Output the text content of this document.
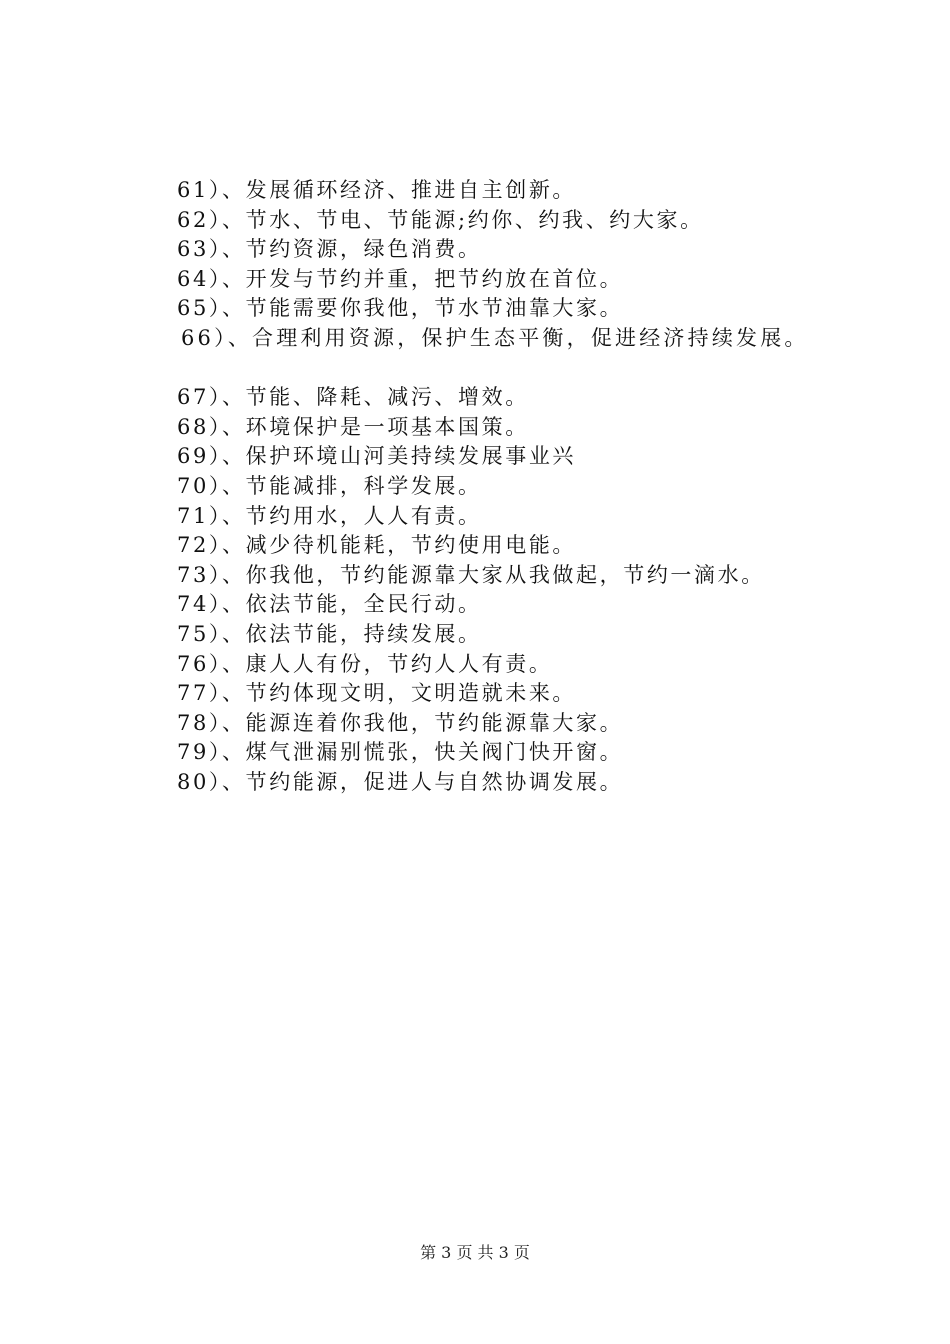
61）、发展循环经济、推进自主创新。
62）、节水、节电、节能源;约你、约我、约大家。
63）、节约资源，绿色消费。
64）、开发与节约并重，把节约放在首位。
65）、节能需要你我他，节水节油靠大家。
66）、合理利用资源，保护生态平衡，促进经济持续发展。
67）、节能、降耗、减污、增效。
68）、环境保护是一项基本国策。
69）、保护环境山河美持续发展事业兴
70）、节能减排，科学发展。
71）、节约用水，人人有责。
72）、减少待机能耗，节约使用电能。
73）、你我他，节约能源靠大家从我做起，节约一滴水。
74）、依法节能，全民行动。
75）、依法节能，持续发展。
76）、康人人有份，节约人人有责。
77）、节约体现文明，文明造就未来。
78）、能源连着你我他，节约能源靠大家。
79）、煤气泄漏别慌张，快关阀门快开窗。
80）、节约能源，促进人与自然协调发展。
第 3 页 共 3 页
